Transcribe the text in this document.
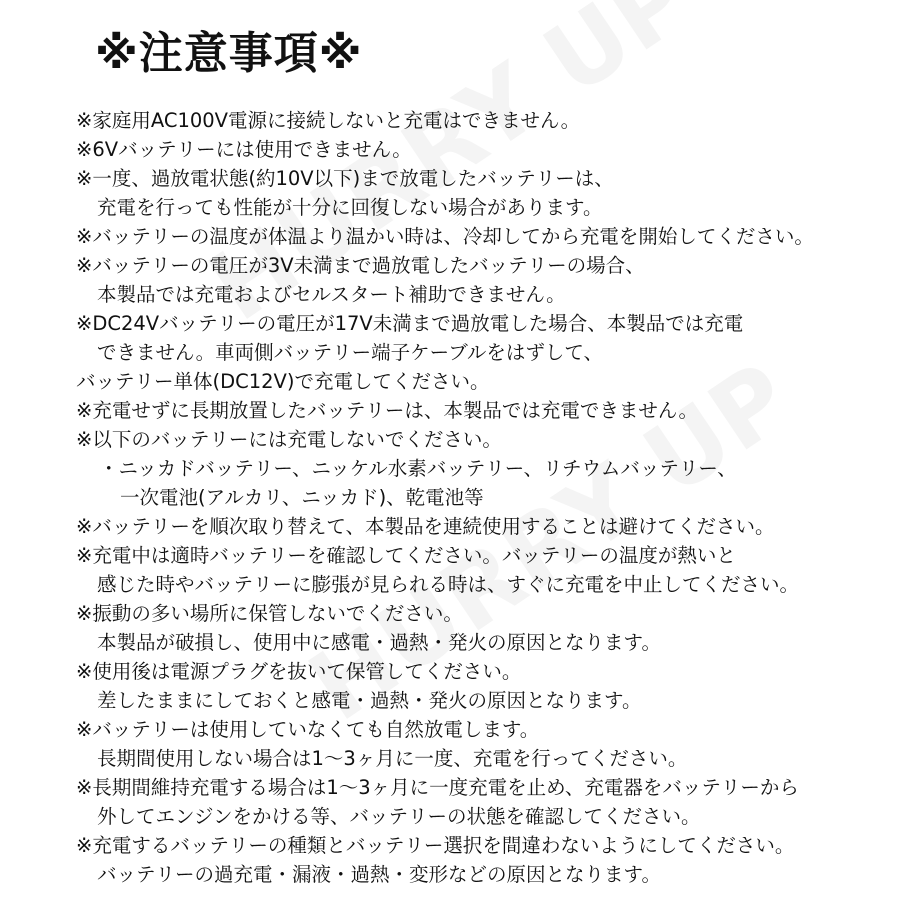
※注意事項※
※家庭用AC100V電源に接続しないと充電はできません。
※6Vバッテリーには使用できません。
※一度、過放電状態(約10V以下)まで放電したバッテリーは、
充電を行っても性能が十分に回復しない場合があります。
※バッテリーの温度が体温より温かい時は、冷却してから充電を開始してください。
※バッテリーの電圧が3V未満まで過放電したバッテリーの場合、
本製品では充電およびセルスタート補助できません。
※DC24Vバッテリーの電圧が17V未満まで過放電した場合、本製品では充電
できません。車両側バッテリー端子ケーブルをはずして、
バッテリー単体(DC12V)で充電してください。
※充電せずに長期放置したバッテリーは、本製品では充電できません。
※以下のバッテリーには充電しないでください。
・ニッカドバッテリー、ニッケル水素バッテリー、リチウムバッテリー、
一次電池(アルカリ、ニッカド)、乾電池等
※バッテリーを順次取り替えて、本製品を連続使用することは避けてください。
※充電中は適時バッテリーを確認してください。バッテリーの温度が熱いと
感じた時やバッテリーに膨張が見られる時は、すぐに充電を中止してください。
※振動の多い場所に保管しないでください。
本製品が破損し、使用中に感電・過熱・発火の原因となります。
※使用後は電源プラグを抜いて保管してください。
差したままにしておくと感電・過熱・発火の原因となります。
※バッテリーは使用していなくても自然放電します。
長期間使用しない場合は1～3ヶ月に一度、充電を行ってください。
※長期間維持充電する場合は1～3ヶ月に一度充電を止め、充電器をバッテリーから
外してエンジンをかける等、バッテリーの状態を確認してください。
※充電するバッテリーの種類とバッテリー選択を間違わないようにしてください。
バッテリーの過充電・漏液・過熱・変形などの原因となります。
